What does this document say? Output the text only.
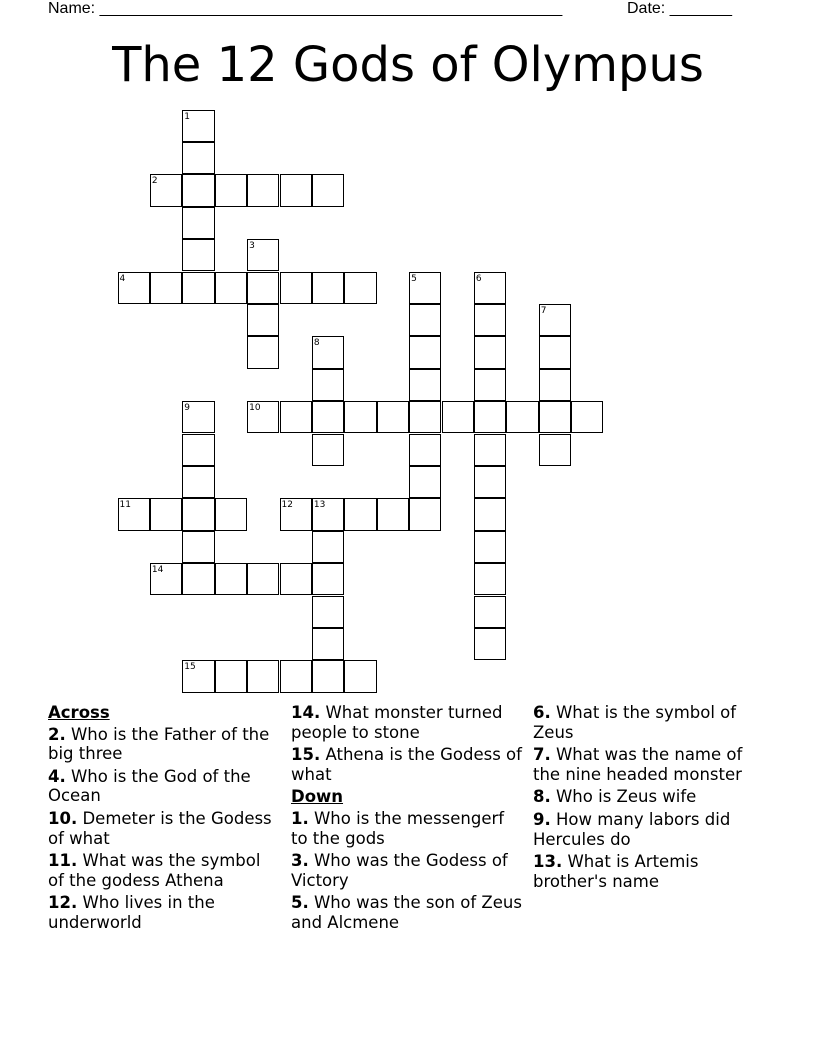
Name: ____________________________________________________	Date: _______
The 12 Gods of Olympus
1
2
3
4	5	6
7
8
9	10
11	12 13
14
15
Across
2. Who is the Father of the big three
4. Who is the God of the Ocean
10. Demeter is the Godess of what
11. What was the symbol of the godess Athena
12. Who lives in the underworld
14. What monster turned people to stone
15. Athena is the Godess of what
Down
1. Who is the messengerf to the gods
3. Who was the Godess of Victory
5. Who was the son of Zeus and Alcmene
6. What is the symbol of Zeus
7. What was the name of the nine headed monster
8. Who is Zeus wife
9. How many labors did Hercules do
13. What is Artemis brother's name
